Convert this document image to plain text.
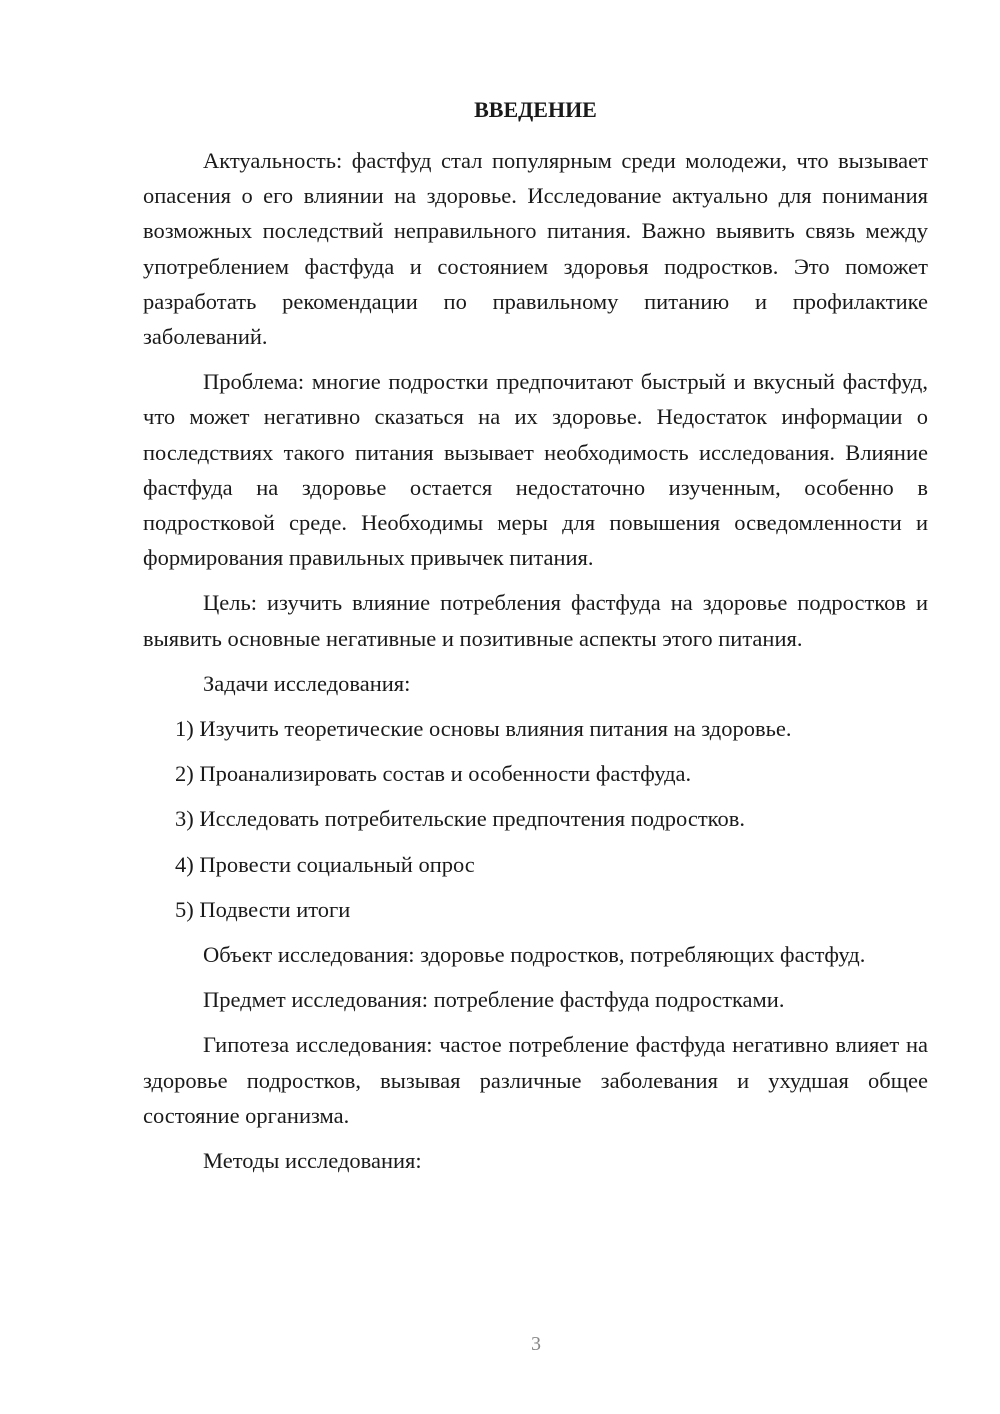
ВВЕДЕНИЕ

Актуальность: фастфуд стал популярным среди молодежи, что вызывает опасения о его влиянии на здоровье. Исследование актуально для понимания возможных последствий неправильного питания. Важно выявить связь между употреблением фастфуда и состоянием здоровья подростков. Это поможет разработать рекомендации по правильному питанию и профилактике заболеваний.

Проблема: многие подростки предпочитают быстрый и вкусный фастфуд, что может негативно сказаться на их здоровье. Недостаток информации о последствиях такого питания вызывает необходимость исследования. Влияние фастфуда на здоровье остается недостаточно изученным, особенно в подростковой среде. Необходимы меры для повышения осведомленности и формирования правильных привычек питания.

Цель: изучить влияние потребления фастфуда на здоровье подростков и выявить основные негативные и позитивные аспекты этого питания.

Задачи исследования:

1) Изучить теоретические основы влияния питания на здоровье.
2) Проанализировать состав и особенности фастфуда.
3) Исследовать потребительские предпочтения подростков.
4) Провести социальный опрос
5) Подвести итоги

Объект исследования: здоровье подростков, потребляющих фастфуд.

Предмет исследования: потребление фастфуда подростками.

Гипотеза исследования: частое потребление фастфуда негативно влияет на здоровье подростков, вызывая различные заболевания и ухудшая общее состояние организма.

Методы исследования:

3
